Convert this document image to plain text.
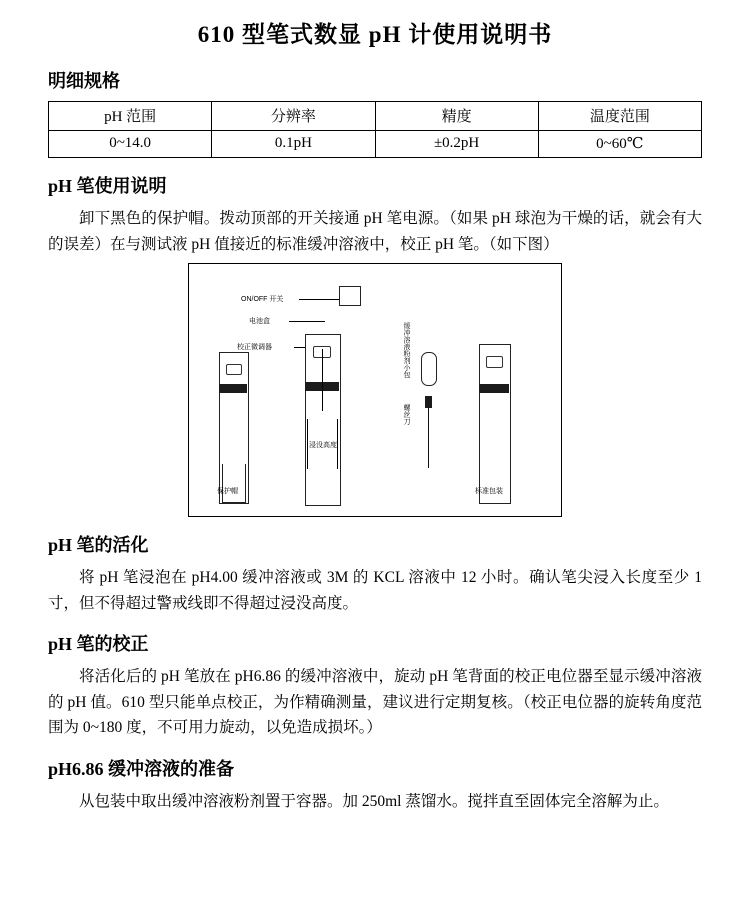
610 型笔式数显 pH 计使用说明书
明细规格
pH 范围	分辨率	精度	温度范围
0~14.0	0.1pH	±0.2pH	0~60℃
pH 笔使用说明

卸下黑色的保护帽。拨动顶部的开关接通 pH 笔电源。（如果 pH 球泡为干燥的话，就会有大的误差）在与测试液 pH 值接近的标准缓冲溶液中，校正 pH 笔。（如下图）

ON/OFF 开关
电池盒
校正微调器
保护帽
浸没高度
缓冲溶液粉剂小包
螺丝刀
标准包装
pH 笔的活化

将 pH 笔浸泡在 pH4.00 缓冲溶液或 3M 的 KCL 溶液中 12 小时。确认笔尖浸入长度至少 1 寸，但不得超过警戒线即不得超过浸没高度。

pH 笔的校正

将活化后的 pH 笔放在 pH6.86 的缓冲溶液中，旋动 pH 笔背面的校正电位器至显示缓冲溶液的 pH 值。610 型只能单点校正，为作精确测量，建议进行定期复核。（校正电位器的旋转角度范围为 0~180 度，不可用力旋动，以免造成损坏。）

pH6.86 缓冲溶液的准备

从包装中取出缓冲溶液粉剂置于容器。加 250ml 蒸馏水。搅拌直至固体完全溶解为止。
